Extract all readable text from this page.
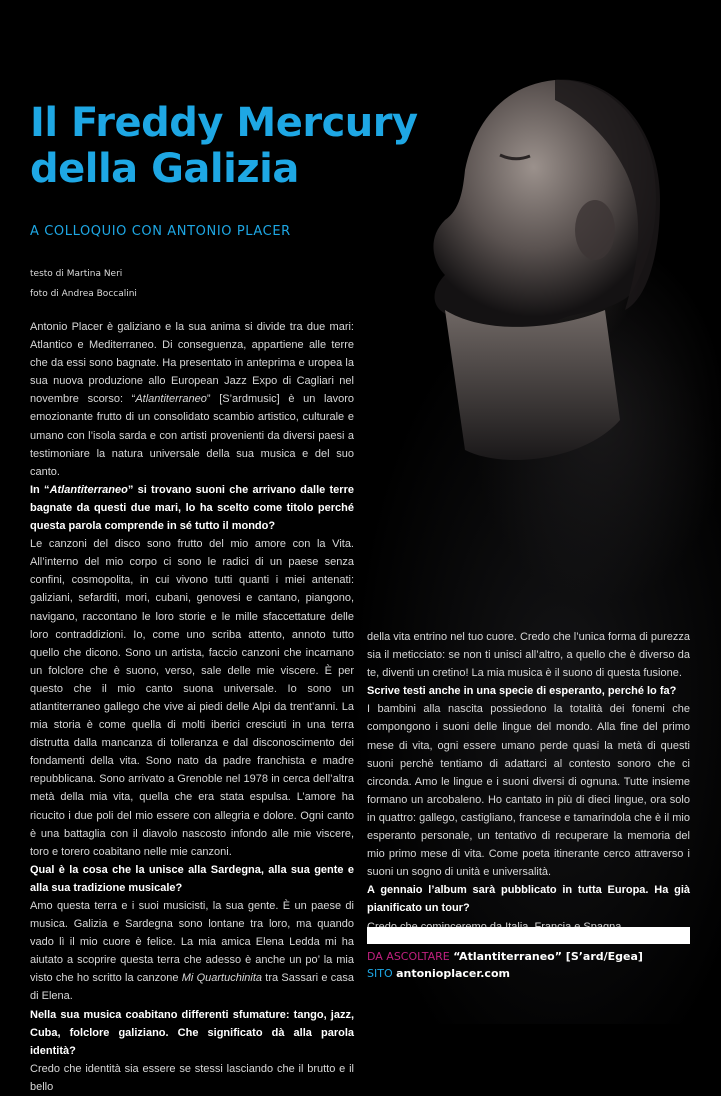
Il Freddy Mercury
della Galizia
A COLLOQUIO CON ANTONIO PLACER
testo di Martina Neri
foto di Andrea Boccalini

Antonio Placer è galiziano e la sua anima si divide tra due mari: Atlantico e Mediterraneo. Di conseguenza, appartiene alle terre che da essi sono bagnate. Ha presentato in anteprima e uropea la sua nuova produzione allo European Jazz Expo di Cagliari nel novembre scorso: “Atlantiterraneo” [S’ardmusic] è un lavoro emozionante frutto di un consolidato scambio artistico, culturale e umano con l’isola sarda e con artisti provenienti da diversi paesi a testimoniare la natura universale della sua musica e del suo canto.

In “Atlantiterraneo” si trovano suoni che arrivano dalle terre bagnate da questi due mari, lo ha scelto come titolo perché questa parola comprende in sé tutto il mondo?

Le canzoni del disco sono frutto del mio amore con la Vita. All’interno del mio corpo ci sono le radici di un paese senza confini, cosmopolita, in cui vivono tutti quanti i miei antenati: galiziani, sefarditi, mori, cubani, genovesi e cantano, piangono, navigano, raccontano le loro storie e le mille sfaccettature delle loro contraddizioni. Io, come uno scriba attento, annoto tutto quello che dicono. Sono un artista, faccio canzoni che incarnano un folclore che è suono, verso, sale delle mie viscere. È per questo che il mio canto suona universale. Io sono un atlantiterraneo gallego che vive ai piedi delle Alpi da trent’anni. La mia storia è come quella di molti iberici cresciuti in una terra distrutta dalla mancanza di tolleranza e dal disconoscimento dei fondamenti della vita. Sono nato da padre franchista e madre repubblicana. Sono arrivato a Grenoble nel 1978 in cerca dell’altra metà della mia vita, quella che era stata espulsa. L’amore ha ricucito i due poli del mio essere con allegria e dolore. Ogni canto è una battaglia con il diavolo nascosto infondo alle mie viscere, toro e torero coabitano nelle mie canzoni.

Qual è la cosa che la unisce alla Sardegna, alla sua gente e alla sua tradizione musicale?

Amo questa terra e i suoi musicisti, la sua gente. È un paese di musica. Galizia e Sardegna sono lontane tra loro, ma quando vado lì il mio cuore è felice. La mia amica Elena Ledda mi ha aiutato a scoprire questa terra che adesso è anche un po’ la mia visto che ho scritto la canzone Mi Quartuchinita tra Sassari e casa di Elena.

Nella sua musica coabitano differenti sfumature: tango, jazz, Cuba, folclore galiziano. Che significato dà alla parola identità?

Credo che identità sia essere se stessi lasciando che il brutto e il bello

della vita entrino nel tuo cuore. Credo che l’unica forma di purezza sia il meticciato: se non ti unisci all’altro, a quello che è diverso da te, diventi un cretino! La mia musica è il suono di questa fusione.

Scrive testi anche in una specie di esperanto, perché lo fa?

I bambini alla nascita possiedono la totalità dei fonemi che compongono i suoni delle lingue del mondo. Alla fine del primo mese di vita, ogni essere umano perde quasi la metà di questi suoni perchè tentiamo di adattarci al contesto sonoro che ci circonda. Amo le lingue e i suoni diversi di ognuna. Tutte insieme formano un arcobaleno. Ho cantato in più di dieci lingue, ora solo in quattro: gallego, castigliano, francese e tamarindola che è il mio esperanto personale, un tentativo di recuperare la memoria del mio primo mese di vita. Come poeta itinerante cerco attraverso i suoni un sogno di unità e universalità.

A gennaio l’album sarà pubblicato in tutta Europa. Ha già pianificato un tour?

DA ASCOLTARE “Atlantiterraneo” [S’ard/Egea]
SITO antonioplacer.com
